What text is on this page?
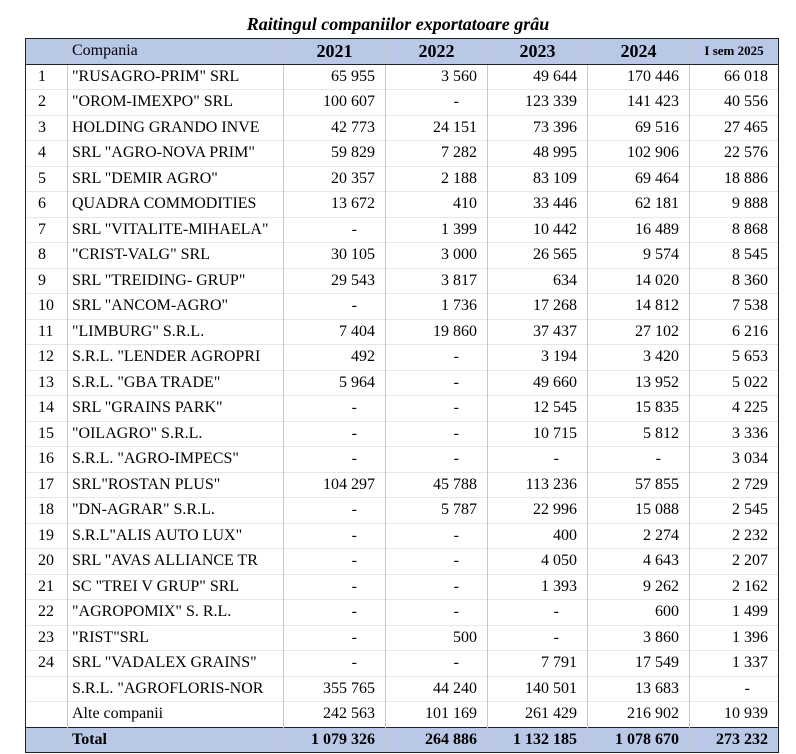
Raitingul companiilor exportatoare grâu
	Compania	2021	2022	2023	2024	I sem 2025
1	"RUSAGRO-PRIM" SRL	65 955	3 560	49 644	170 446	66 018
2	"OROM-IMEXPO" SRL	100 607	-	123 339	141 423	40 556
3	HOLDING GRANDO INVE	42 773	24 151	73 396	69 516	27 465
4	SRL "AGRO-NOVA PRIM"	59 829	7 282	48 995	102 906	22 576
5	SRL "DEMIR AGRO"	20 357	2 188	83 109	69 464	18 886
6	QUADRA COMMODITIES	13 672	410	33 446	62 181	9 888
7	SRL "VITALITE-MIHAELA"	-	1 399	10 442	16 489	8 868
8	"CRIST-VALG" SRL	30 105	3 000	26 565	9 574	8 545
9	SRL "TREIDING- GRUP"	29 543	3 817	634	14 020	8 360
10	SRL "ANCOM-AGRO"	-	1 736	17 268	14 812	7 538
11	"LIMBURG" S.R.L.	7 404	19 860	37 437	27 102	6 216
12	S.R.L. "LENDER AGROPRI	492	-	3 194	3 420	5 653
13	S.R.L. "GBA TRADE"	5 964	-	49 660	13 952	5 022
14	SRL "GRAINS PARK"	-	-	12 545	15 835	4 225
15	"OILAGRO" S.R.L.	-	-	10 715	5 812	3 336
16	S.R.L. "AGRO-IMPECS"	-	-	-	-	3 034
17	SRL"ROSTAN PLUS"	104 297	45 788	113 236	57 855	2 729
18	"DN-AGRAR" S.R.L.	-	5 787	22 996	15 088	2 545
19	S.R.L"ALIS AUTO LUX"	-	-	400	2 274	2 232
20	SRL "AVAS ALLIANCE TR	-	-	4 050	4 643	2 207
21	SC "TREI V GRUP" SRL	-	-	1 393	9 262	2 162
22	"AGROPOMIX" S. R.L.	-	-	-	600	1 499
23	"RIST"SRL	-	500	-	3 860	1 396
24	SRL "VADALEX GRAINS"	-	-	7 791	17 549	1 337
	S.R.L. "AGROFLORIS-NOR	355 765	44 240	140 501	13 683	-
	Alte companii	242 563	101 169	261 429	216 902	10 939
	Total	1 079 326	264 886	1 132 185	1 078 670	273 232
